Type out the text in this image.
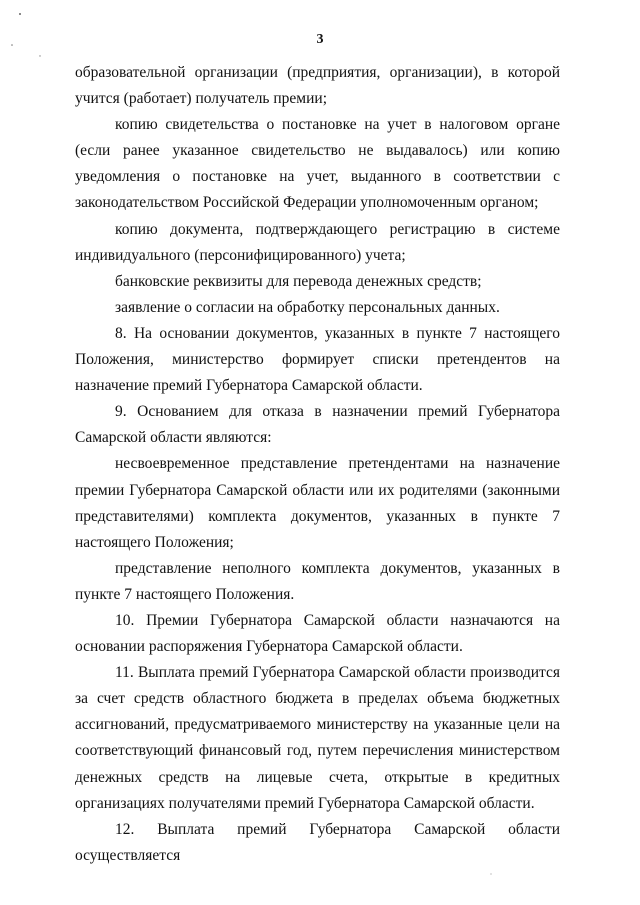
3

образовательной организации (предприятия, организации), в которой учится (работает) получатель премии;

копию свидетельства о постановке на учет в налоговом органе (если ранее указанное свидетельство не выдавалось) или копию уведомления о постановке на учет, выданного в соответствии с законодательством Российской Федерации уполномоченным органом;

копию документа, подтверждающего регистрацию в системе индивидуального (персонифицированного) учета;

банковские реквизиты для перевода денежных средств;

заявление о согласии на обработку персональных данных.

8. На основании документов, указанных в пункте 7 настоящего Положения, министерство формирует списки претендентов на назначение премий Губернатора Самарской области.

9. Основанием для отказа в назначении премий Губернатора Самарской области являются:

несвоевременное представление претендентами на назначение премии Губернатора Самарской области или их родителями (законными представителями) комплекта документов, указанных в пункте 7 настоящего Положения;

представление неполного комплекта документов, указанных в пункте 7 настоящего Положения.

10. Премии Губернатора Самарской области назначаются на основании распоряжения Губернатора Самарской области.

11. Выплата премий Губернатора Самарской области производится за счет средств областного бюджета в пределах объема бюджетных ассигнований, предусматриваемого министерству на указанные цели на соответствующий финансовый год, путем перечисления министерством денежных средств на лицевые счета, открытые в кредитных организациях получателями премий Губернатора Самарской области.

12. Выплата премий Губернатора Самарской области осуществляется
